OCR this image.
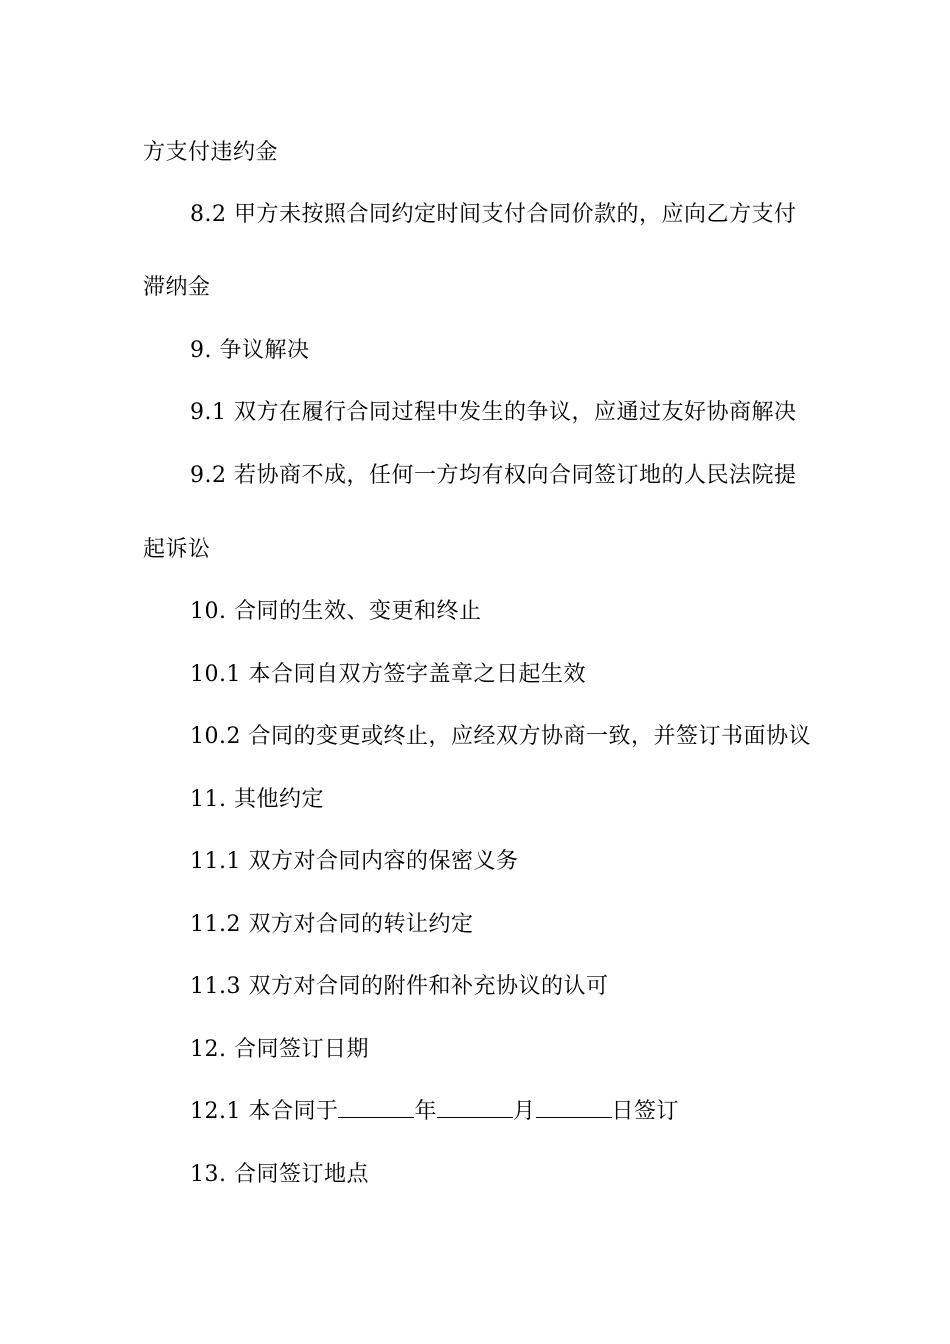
方支付违约金
8.2 甲方未按照合同约定时间支付合同价款的，应向乙方支付
滞纳金
9. 争议解决
9.1 双方在履行合同过程中发生的争议，应通过友好协商解决
9.2 若协商不成，任何一方均有权向合同签订地的人民法院提
起诉讼
10. 合同的生效、变更和终止
10.1 本合同自双方签字盖章之日起生效
10.2 合同的变更或终止，应经双方协商一致，并签订书面协议
11. 其他约定
11.1 双方对合同内容的保密义务
11.2 双方对合同的转让约定
11.3 双方对合同的附件和补充协议的认可
12. 合同签订日期
12.1 本合同于	年	月	日签订
13. 合同签订地点
